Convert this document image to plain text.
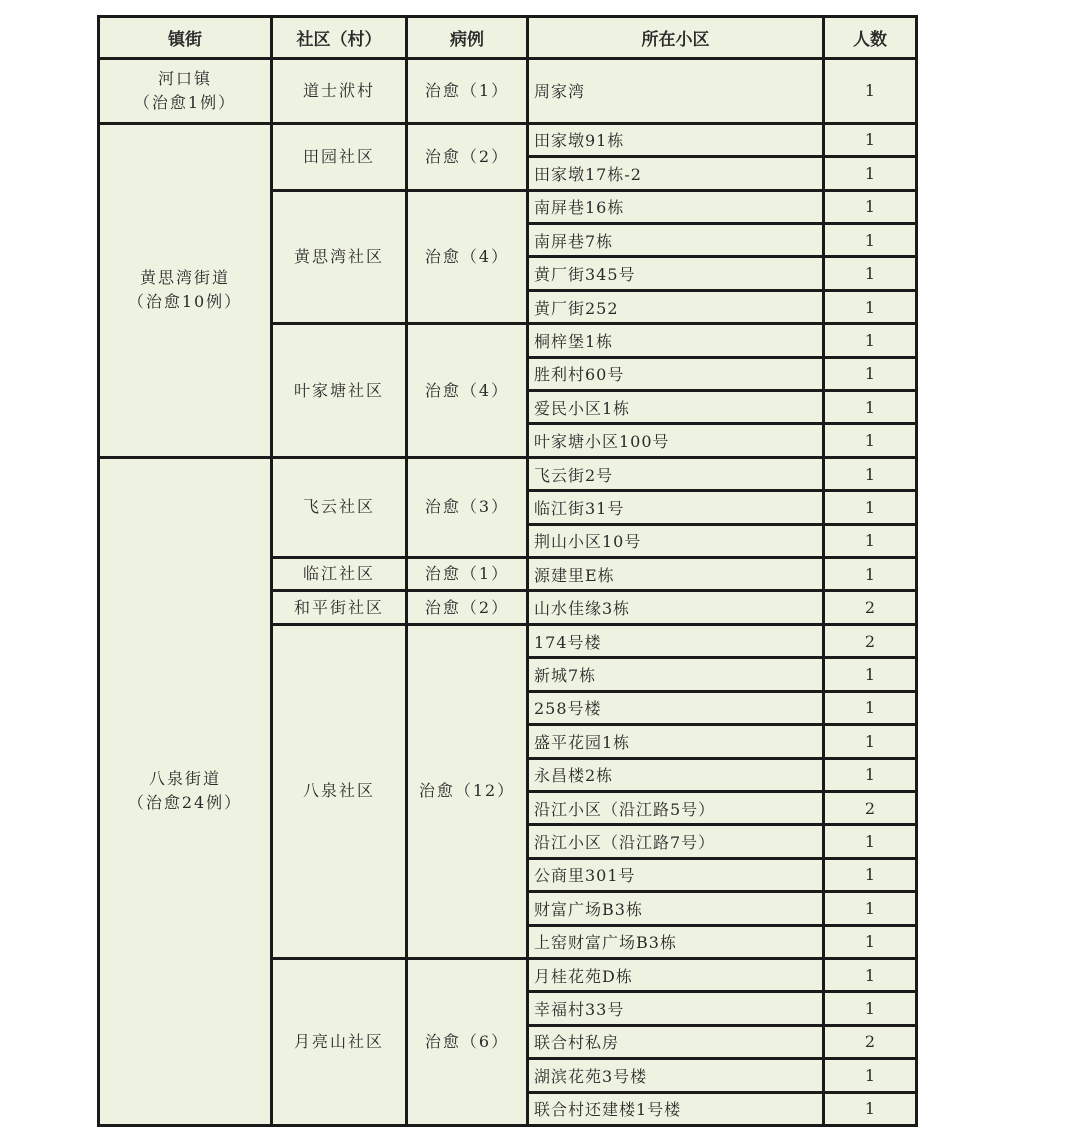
镇街	社区（村）	病例	所在小区	人数

河口镇
（治愈1例）	道士洑村	治愈（1）	周家湾	1

黄思湾街道
（治愈10例）	田园社区	治愈（2）	田家墩91栋	1
			田家墩17栋-2	1
	黄思湾社区	治愈（4）	南屏巷16栋	1
			南屏巷7栋	1
			黄厂街345号	1
			黄厂街252	1
	叶家塘社区	治愈（4）	桐梓堡1栋	1
			胜利村60号	1
			爱民小区1栋	1
			叶家塘小区100号	1

八泉街道
（治愈24例）	飞云社区	治愈（3）	飞云街2号	1
			临江街31号	1
			荆山小区10号	1
	临江社区	治愈（1）	源建里E栋	1
	和平街社区	治愈（2）	山水佳缘3栋	2
	八泉社区	治愈（12）	174号楼	2
			新城7栋	1
			258号楼	1
			盛平花园1栋	1
			永昌楼2栋	1
			沿江小区（沿江路5号）	2
			沿江小区（沿江路7号）	1
			公商里301号	1
			财富广场B3栋	1
			上窑财富广场B3栋	1
	月亮山社区	治愈（6）	月桂花苑D栋	1
			幸福村33号	1
			联合村私房	2
			湖滨花苑3号楼	1
			联合村还建楼1号楼	1
